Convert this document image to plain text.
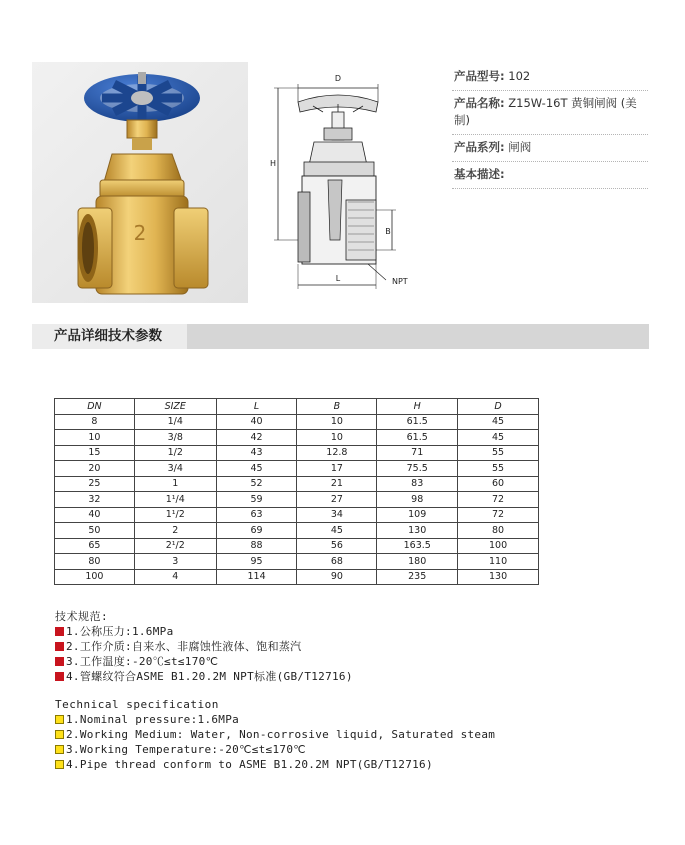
2
D
H
B
L	NPT
产品型号: 102
产品名称: Z15W-16T 黄铜闸阀 (美制)
产品系列: 闸阀
基本描述:
产品详细技术参数
DN	SIZE	L	B	H	D
8	1/4	40	10	61.5	45
10	3/8	42	10	61.5	45
15	1/2	43	12.8	71	55
20	3/4	45	17	75.5	55
25	1	52	21	83	60
32	1¹/4	59	27	98	72
40	1¹/2	63	34	109	72
50	2	69	45	130	80
65	2¹/2	88	56	163.5	100
80	3	95	68	180	110
100	4	114	90	235	130
技术规范:
1.公称压力:1.6MPa
2.工作介质:自来水、非腐蚀性液体、饱和蒸汽
3.工作温度:-20℃≤t≤170℃
4.管螺纹符合ASME B1.20.2M NPT标准(GB/T12716)
Technical specification
1.Nominal pressure:1.6MPa
2.Working Medium: Water, Non-corrosive liquid, Saturated steam
3.Working Temperature:-20℃≤t≤170℃
4.Pipe thread conform to ASME B1.20.2M NPT(GB/T12716)
